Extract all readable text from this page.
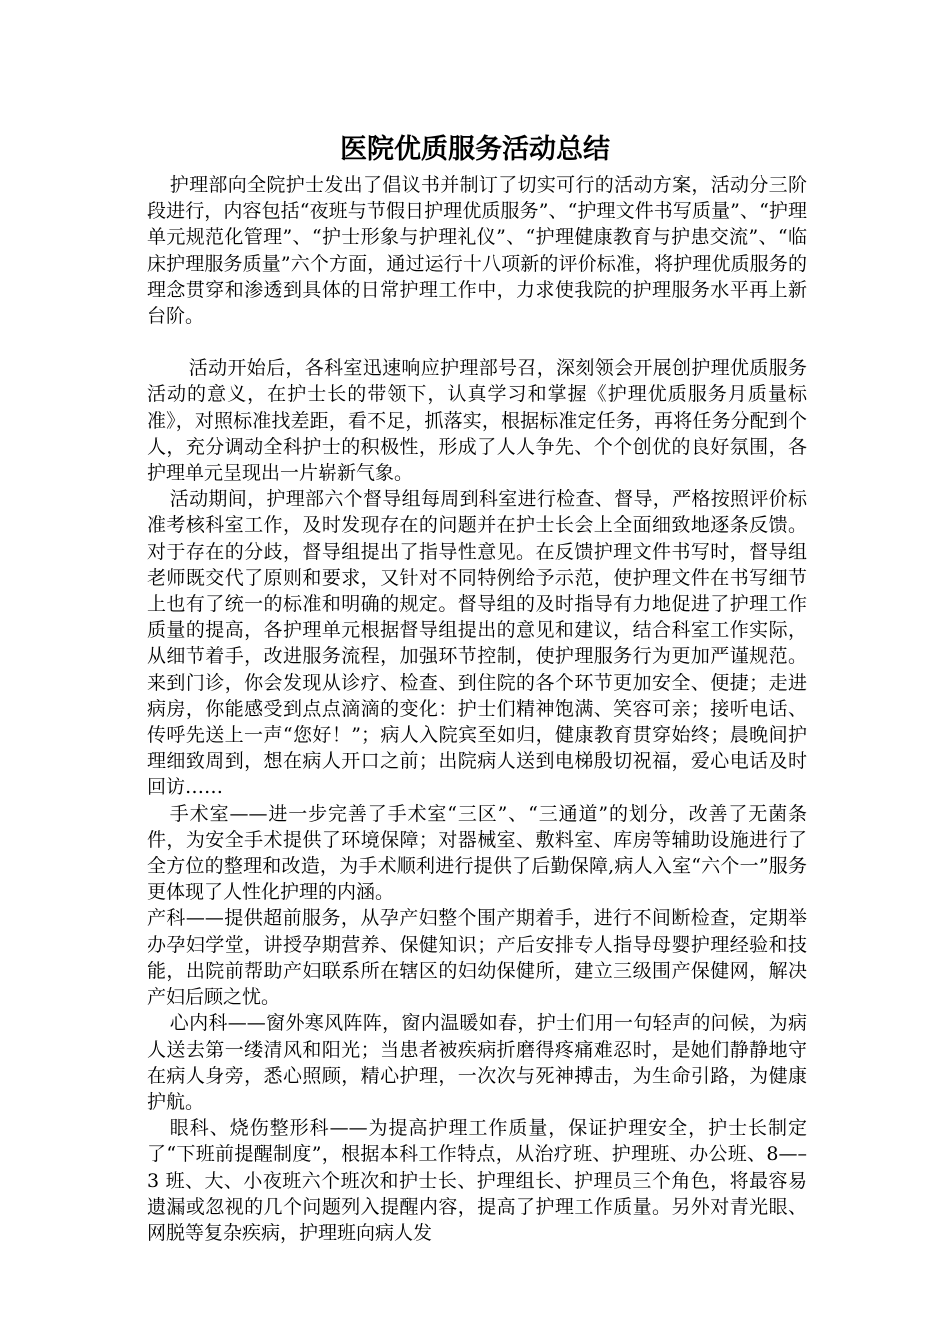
医院优质服务活动总结

护理部向全院护士发出了倡议书并制订了切实可行的活动方案，活动分三阶段进行，内容包括“夜班与节假日护理优质服务”、“护理文件书写质量”、“护理单元规范化管理”、“护士形象与护理礼仪”、“护理健康教育与护患交流”、“临床护理服务质量”六个方面，通过运行十八项新的评价标准，将护理优质服务的理念贯穿和渗透到具体的日常护理工作中，力求使我院的护理服务水平再上新台阶。

活动开始后，各科室迅速响应护理部号召，深刻领会开展创护理优质服务活动的意义，在护士长的带领下，认真学习和掌握《护理优质服务月质量标准》，对照标准找差距，看不足，抓落实，根据标准定任务，再将任务分配到个人，充分调动全科护士的积极性，形成了人人争先、个个创优的良好氛围，各护理单元呈现出一片崭新气象。

活动期间，护理部六个督导组每周到科室进行检查、督导，严格按照评价标准考核科室工作，及时发现存在的问题并在护士长会上全面细致地逐条反馈。对于存在的分歧，督导组提出了指导性意见。在反馈护理文件书写时，督导组老师既交代了原则和要求，又针对不同特例给予示范，使护理文件在书写细节上也有了统一的标准和明确的规定。督导组的及时指导有力地促进了护理工作质量的提高，各护理单元根据督导组提出的意见和建议，结合科室工作实际，从细节着手，改进服务流程，加强环节控制，使护理服务行为更加严谨规范。来到门诊，你会发现从诊疗、检查、到住院的各个环节更加安全、便捷；走进病房，你能感受到点点滴滴的变化：护士们精神饱满、笑容可亲；接听电话、传呼先送上一声“您好！”；病人入院宾至如归，健康教育贯穿始终；晨晚间护理细致周到，想在病人开口之前；出院病人送到电梯殷切祝福，爱心电话及时回访……

手术室——进一步完善了手术室“三区”、“三通道”的划分，改善了无菌条件，为安全手术提供了环境保障；对器械室、敷料室、库房等辅助设施进行了全方位的整理和改造，为手术顺利进行提供了后勤保障,病人入室“六个一”服务更体现了人性化护理的内涵。

产科——提供超前服务，从孕产妇整个围产期着手，进行不间断检查，定期举办孕妇学堂，讲授孕期营养、保健知识；产后安排专人指导母婴护理经验和技能，出院前帮助产妇联系所在辖区的妇幼保健所，建立三级围产保健网，解决产妇后顾之忧。

心内科——窗外寒风阵阵，窗内温暖如春，护士们用一句轻声的问候，为病人送去第一缕清风和阳光；当患者被疾病折磨得疼痛难忍时，是她们静静地守在病人身旁，悉心照顾，精心护理，一次次与死神搏击，为生命引路，为健康护航。

眼科、烧伤整形科——为提高护理工作质量，保证护理安全，护士长制定了“下班前提醒制度”，根据本科工作特点，从治疗班、护理班、办公班、8—–3 班、大、小夜班六个班次和护士长、护理组长、护理员三个角色，将最容易遗漏或忽视的几个问题列入提醒内容，提高了护理工作质量。另外对青光眼、网脱等复杂疾病，护理班向病人发
